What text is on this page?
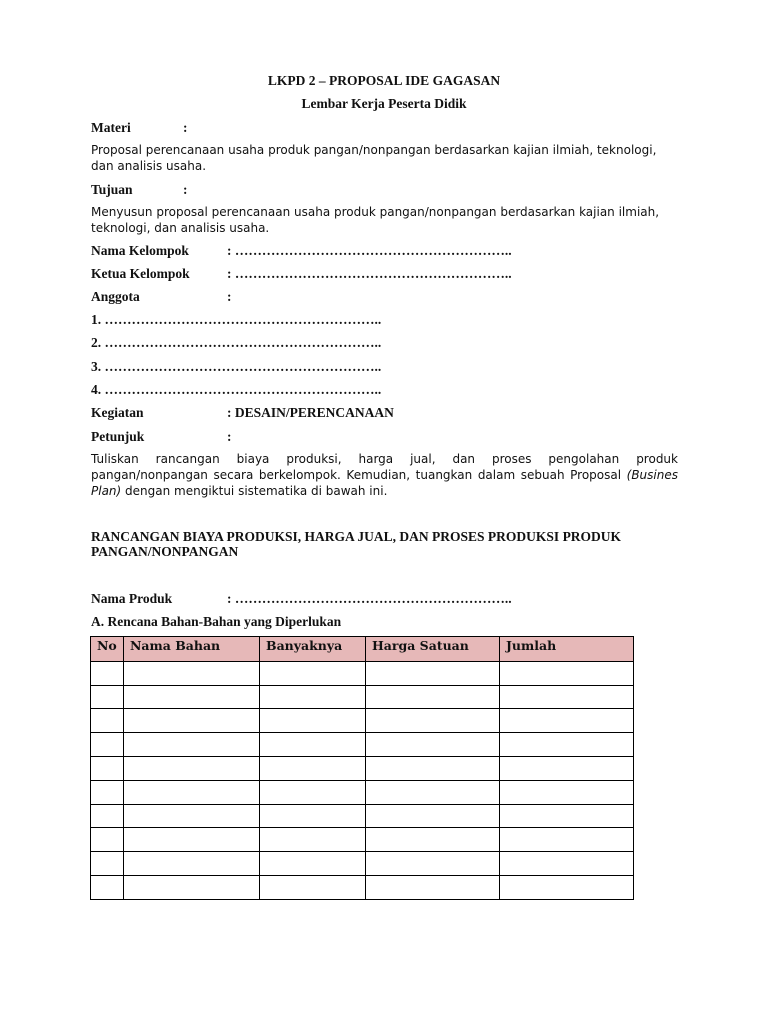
LKPD 2 – PROPOSAL IDE GAGASAN
Lembar Kerja Peserta Didik
Materi	:
Proposal perencanaan usaha produk pangan/nonpangan berdasarkan kajian ilmiah, teknologi, dan analisis usaha.
Tujuan	:
Menyusun proposal perencanaan usaha produk pangan/nonpangan berdasarkan kajian ilmiah, teknologi, dan analisis usaha.
Nama Kelompok	: ……………………………………………………..
Ketua Kelompok	: ……………………………………………………..
Anggota	:
1. ……………………………………………………..
2. ……………………………………………………..
3. ……………………………………………………..
4. ……………………………………………………..
Kegiatan	: DESAIN/PERENCANAAN
Petunjuk	:
Tuliskan rancangan biaya produksi, harga jual, dan proses pengolahan produk pangan/nonpangan secara berkelompok. Kemudian, tuangkan dalam sebuah Proposal (Busines Plan) dengan mengiktui sistematika di bawah ini.
RANCANGAN BIAYA PRODUKSI, HARGA JUAL, DAN PROSES PRODUKSI PRODUK PANGAN/NONPANGAN
Nama Produk	: ……………………………………………………..
A. Rencana Bahan-Bahan yang Diperlukan
No	Nama Bahan	Banyaknya	Harga Satuan	Jumlah
